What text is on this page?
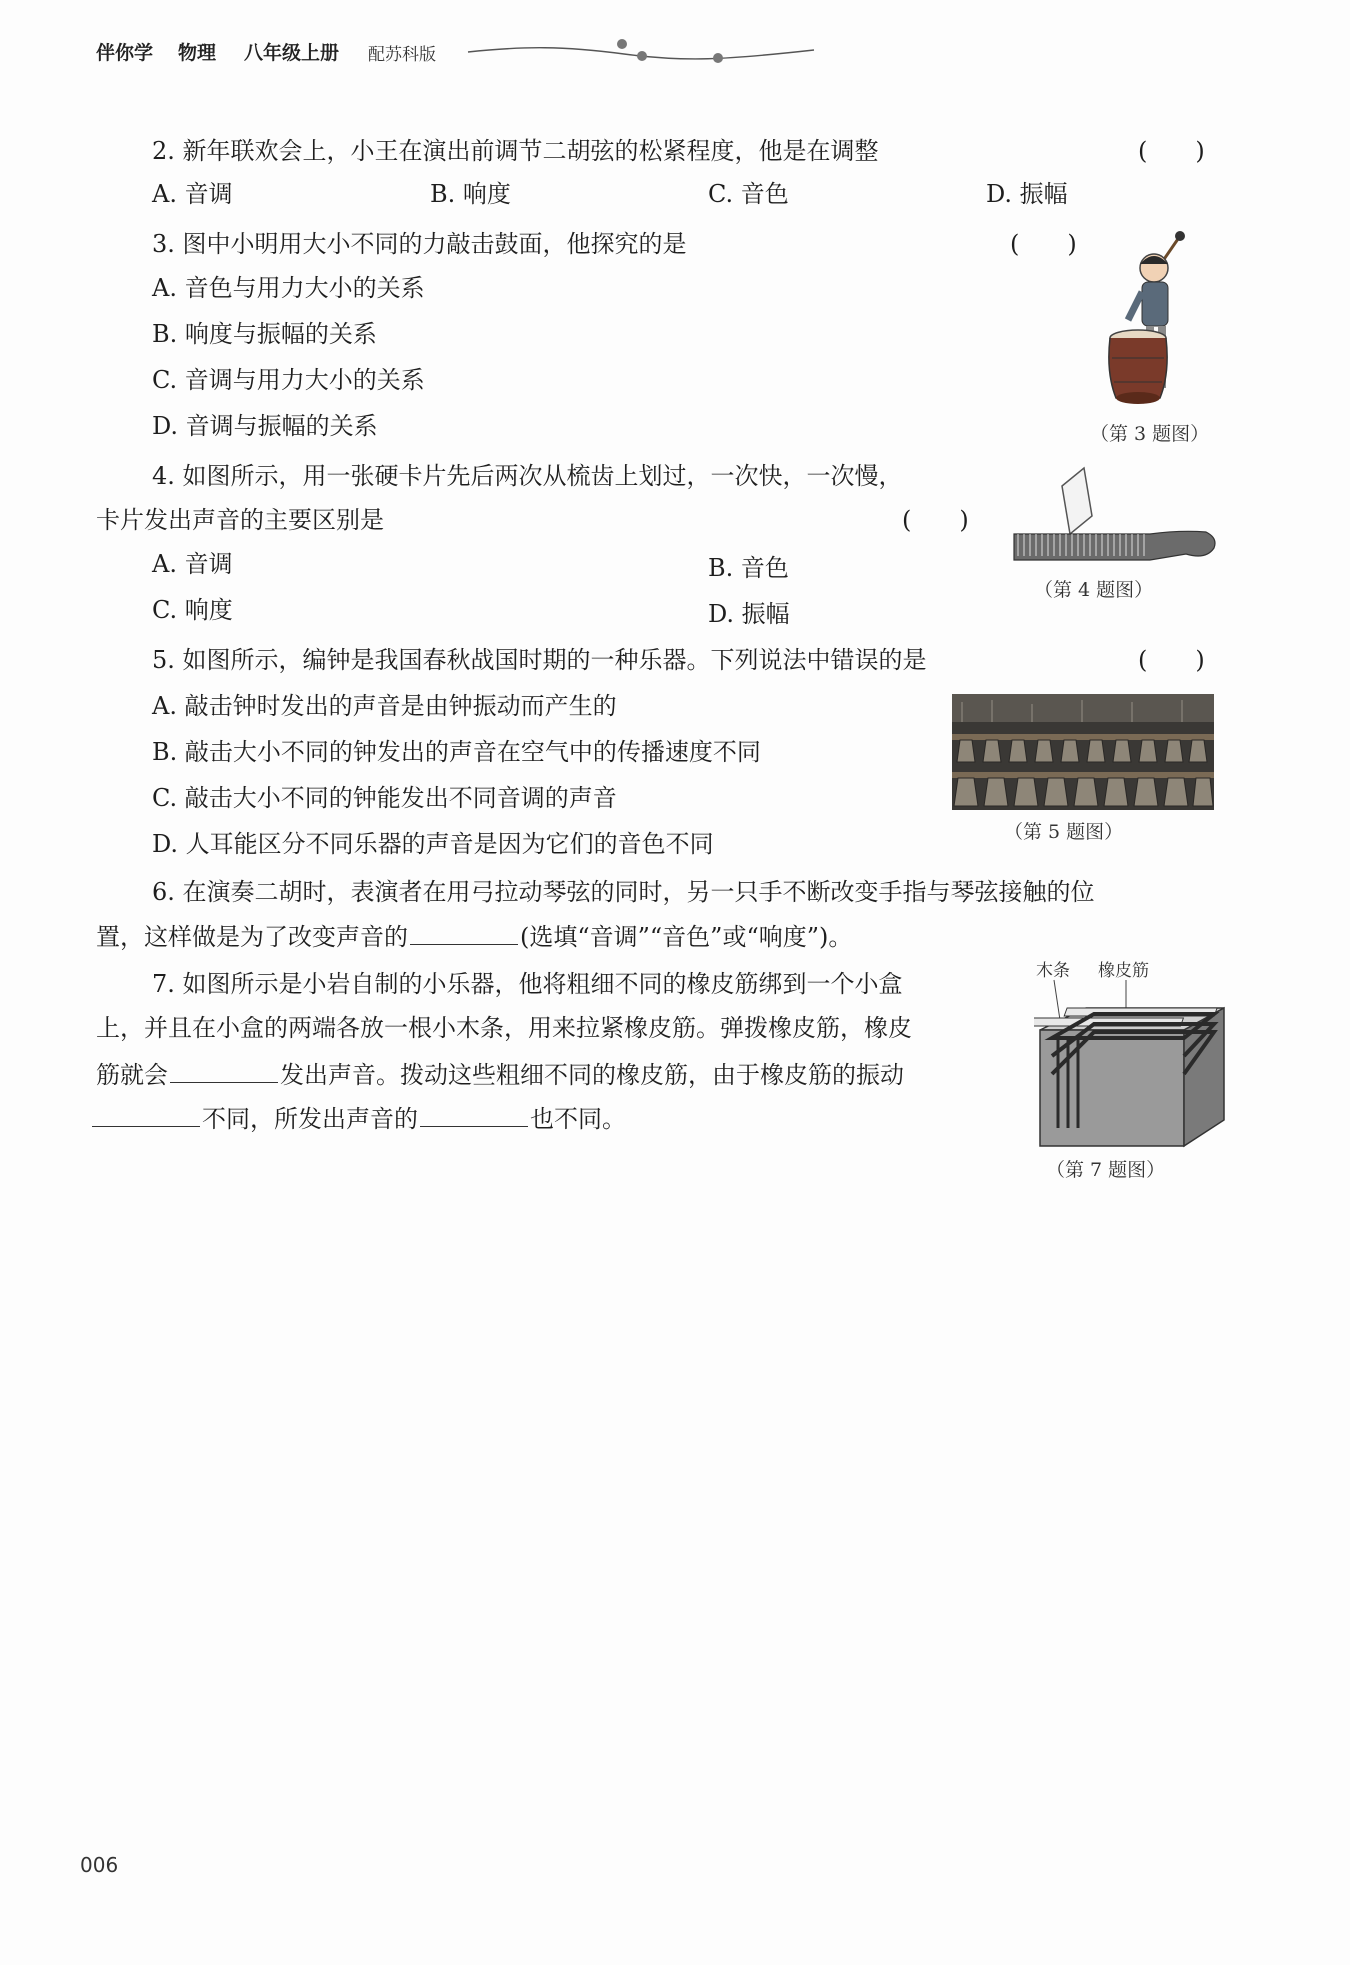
伴你学 物理 八年级上册 配苏科版
2. 新年联欢会上，小王在演出前调节二胡弦的松紧程度，他是在调整	(　　)
A. 音调	B. 响度	C. 音色	D. 振幅
3. 图中小明用大小不同的力敲击鼓面，他探究的是	(　　)
A. 音色与用力大小的关系
B. 响度与振幅的关系
C. 音调与用力大小的关系
D. 音调与振幅的关系	（第 3 题图）
4. 如图所示，用一张硬卡片先后两次从梳齿上划过，一次快，一次慢，
卡片发出声音的主要区别是	(　　)
A. 音调	B. 音色
C. 响度	D. 振幅
（第 4 题图）
5. 如图所示，编钟是我国春秋战国时期的一种乐器。下列说法中错误的是	(　　)
A. 敲击钟时发出的声音是由钟振动而产生的
B. 敲击大小不同的钟发出的声音在空气中的传播速度不同
C. 敲击大小不同的钟能发出不同音调的声音
D. 人耳能区分不同乐器的声音是因为它们的音色不同	（第 5 题图）
6. 在演奏二胡时，表演者在用弓拉动琴弦的同时，另一只手不断改变手指与琴弦接触的位
置，这样做是为了改变声音的	(选填“音调”“音色”或“响度”)。
7. 如图所示是小岩自制的小乐器，他将粗细不同的橡皮筋绑到一个小盒
上，并且在小盒的两端各放一根小木条，用来拉紧橡皮筋。弹拨橡皮筋，橡皮
筋就会	发出声音。拨动这些粗细不同的橡皮筋，由于橡皮筋的振动
不同，所发出声音的	也不同。
木条 橡皮筋
（第 7 题图）
006
